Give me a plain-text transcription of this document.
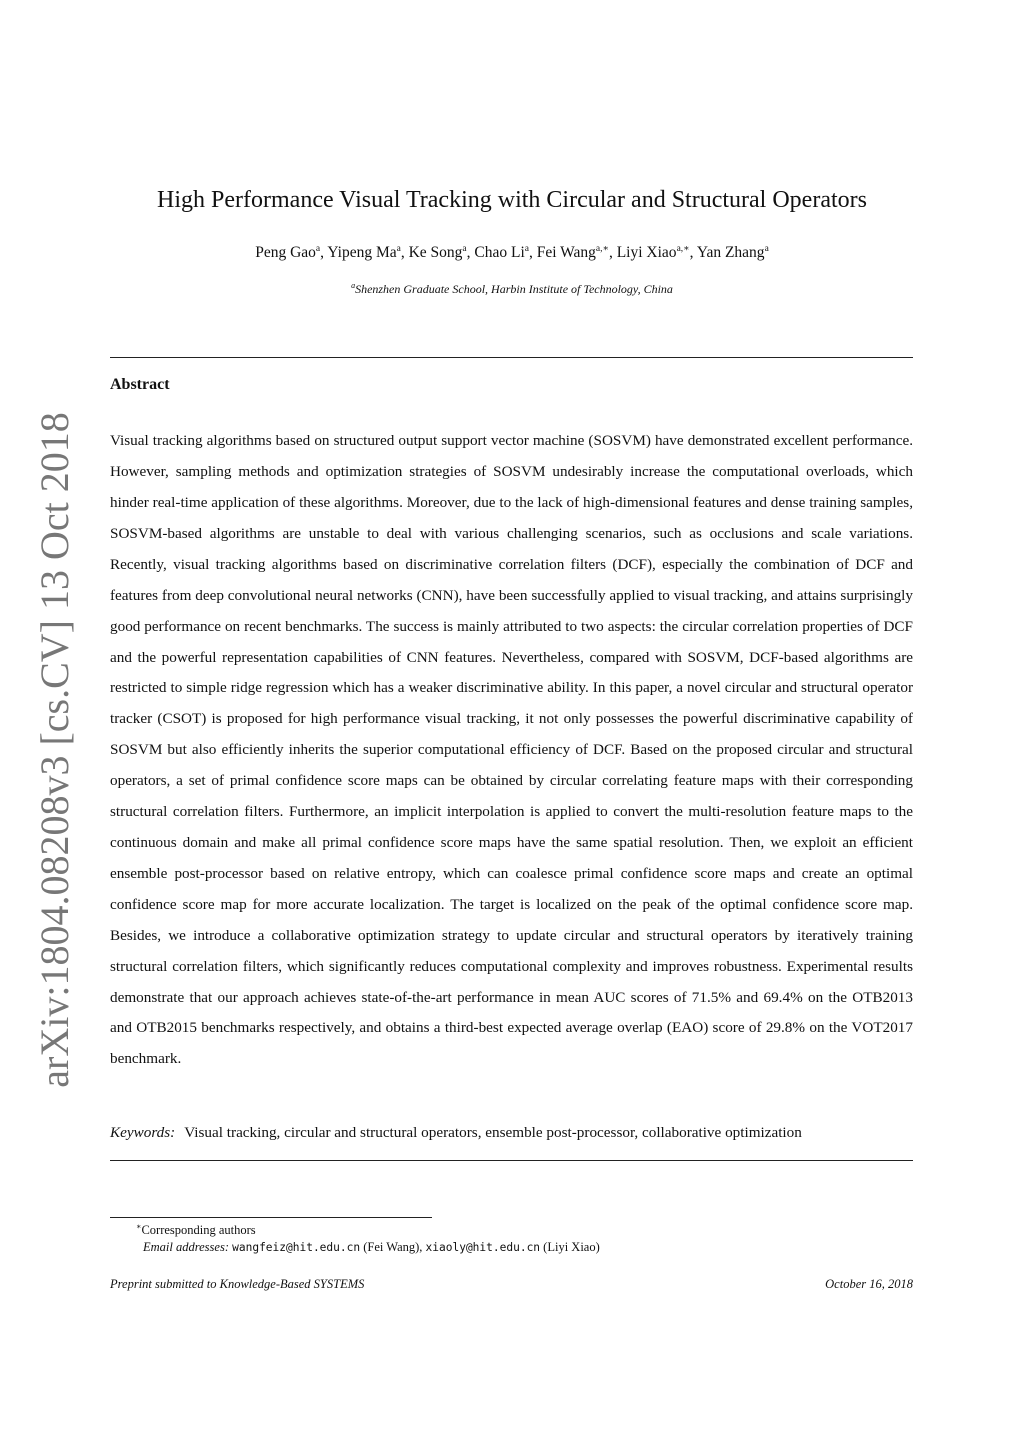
High Performance Visual Tracking with Circular and Structural Operators
Peng Gao$^a$, Yipeng Ma$^a$, Ke Song$^a$, Chao Li$^a$, Fei Wang$^{a,∗}$, Liyi Xiao$^{a,∗}$, Yan Zhang$^a$
$^a$Shenzhen Graduate School, Harbin Institute of Technology, China
Abstract

Visual tracking algorithms based on structured output support vector machine (SOSVM) have demonstrated excellent performance. However, sampling methods and optimization strategies of SOSVM undesirably increase the computational overloads, which hinder real-time application of these algorithms. Moreover, due to the lack of high-dimensional features and dense training samples, SOSVM-based algorithms are unstable to deal with various challenging scenarios, such as occlusions and scale variations. Recently, visual tracking algorithms based on discriminative correlation filters (DCF), especially the combination of DCF and features from deep convolutional neural networks (CNN), have been successfully applied to visual tracking, and attains surprisingly good performance on recent benchmarks. The success is mainly attributed to two aspects: the circular correlation properties of DCF and the powerful representation capabilities of CNN features. Nevertheless, compared with SOSVM, DCF-based algorithms are restricted to simple ridge regression which has a weaker discriminative ability. In this paper, a novel circular and structural operator tracker (CSOT) is proposed for high performance visual tracking, it not only possesses the powerful discriminative capability of SOSVM but also efficiently inherits the superior computational efficiency of DCF. Based on the proposed circular and structural operators, a set of primal confidence score maps can be obtained by circular correlating feature maps with their corresponding structural correlation filters. Furthermore, an implicit interpolation is applied to convert the multi-resolution feature maps to the continuous domain and make all primal confidence score maps have the same spatial resolution. Then, we exploit an efficient ensemble post-processor based on relative entropy, which can coalesce primal confidence score maps and create an optimal confidence score map for more accurate localization. The target is localized on the peak of the optimal confidence score map. Besides, we introduce a collaborative optimization strategy to update circular and structural operators by iteratively training structural correlation filters, which significantly reduces computational complexity and improves robustness. Experimental results demonstrate that our approach achieves state-of-the-art performance in mean AUC scores of 71.5% and 69.4% on the OTB2013 and OTB2015 benchmarks respectively, and obtains a third-best expected average overlap (EAO) score of 29.8% on the VOT2017 benchmark.

Keywords: Visual tracking, circular and structural operators, ensemble post-processor, collaborative optimization
∗Corresponding authors
Email addresses: wangfeiz@hit.edu.cn (Fei Wang), xiaoly@hit.edu.cn (Liyi Xiao)
Preprint submitted to Knowledge-Based SYSTEMS	October 16, 2018
arXiv:1804.08208v3 [cs.CV] 13 Oct 2018
